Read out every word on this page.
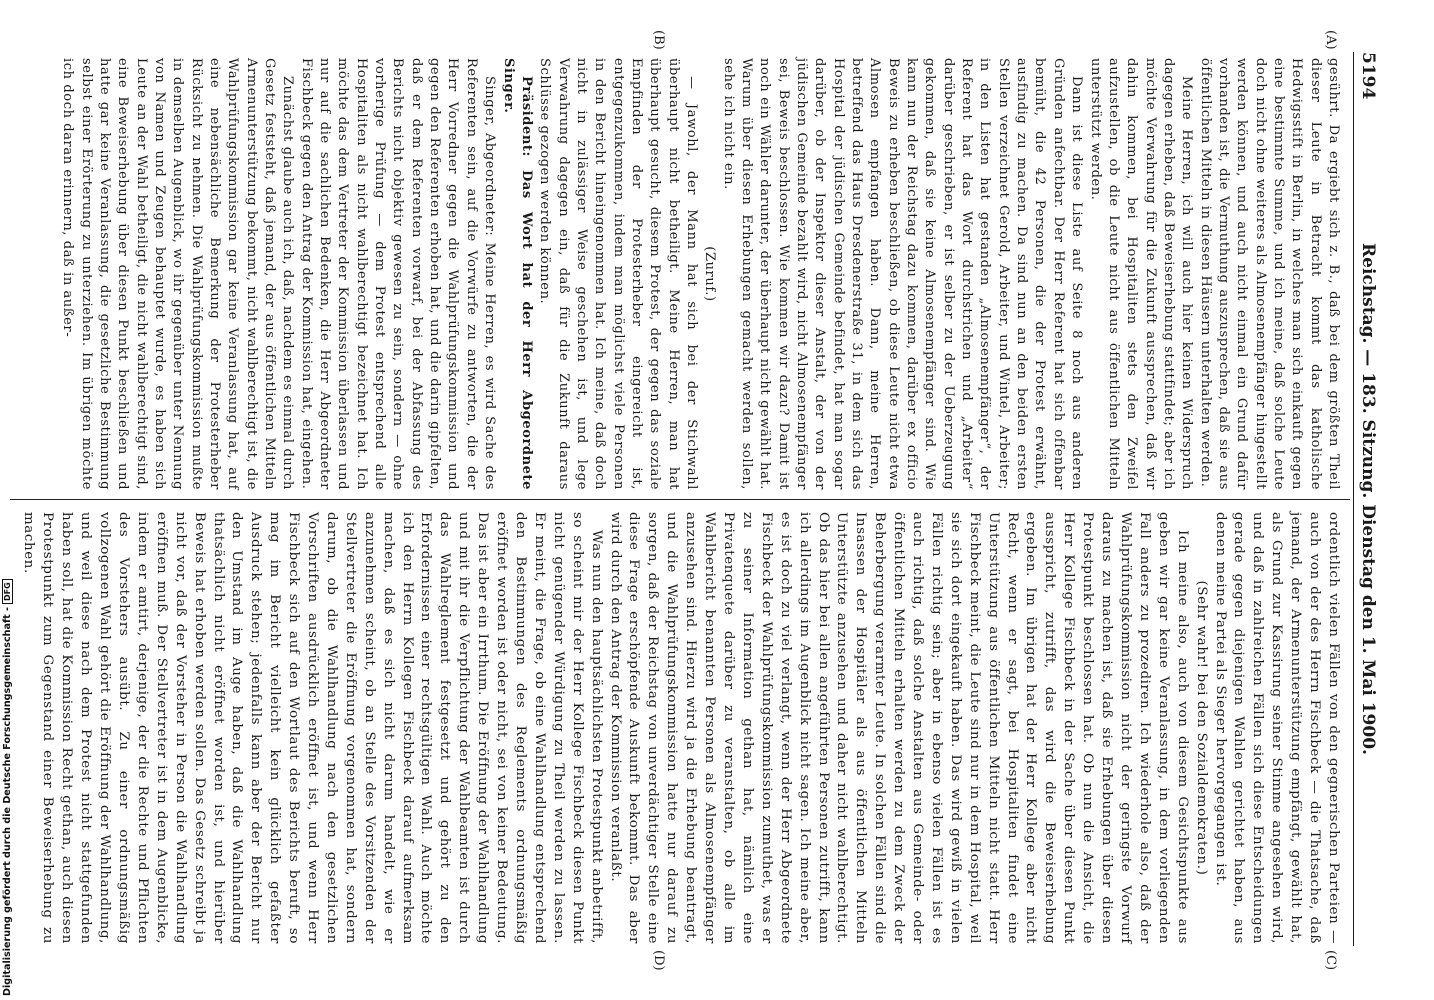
5194
Reichstag. — 183. Sitzung. Dienstag den 1. Mai 1900.
(A)
(B)
(C)
(D)

gesührt. Da ergiebt sich z. B., daß bei dem größten Theil dieser Leute in Betracht kommt das katholische Hedwigsstift in Berlin, in welches man sich einkauft gegen eine bestimmte Summe, und ich meine, daß solche Leute doch nicht ohne weiteres als Almosenempfänger hingestellt werden können, und auch nicht einmal ein Grund dafür vorhanden ist, die Vermuthung auszusprechen, daß sie aus öffentlichen Mitteln in diesen Häusern unterhalten werden.

Meine Herren, ich will auch hier keinen Widerspruch dagegen erheben, daß Beweiserhebung stattfindet; aber ich möchte Verwahrung für die Zukunft aussprechen, daß wir dahin kommen, bei Hospitaliten stets den Zweifel aufzustellen, ob die Leute nicht aus öffentlichen Mitteln unterstützt werden.

Dann ist diese Liste auf Seite 8 noch aus anderen Gründen anfechtbar. Der Herr Referent hat sich offenbar bemüht, die 42 Personen, die der Protest erwähnt, ausfindig zu machen. Da sind nun an den beiden ersten Stellen verzeichnet Gerold, Arbeiter, und Wintel, Arbeiter; in den Listen hat gestanden „Almosenempfänger“, der Referent hat das Wort durchstrichen und „Arbeiter“ darüber geschrieben, er ist selber zu der Ueberzeugung gekommen, daß sie keine Almosenempfänger sind. Wie kann nun der Reichstag dazu kommen, darüber ex officio Beweis zu erheben beschließen, ob diese Leute nicht etwa Almosen empfangen haben. Dann, meine Herren, betreffend das Haus Dresdenerstraße 31, in dem sich das Hospital der jüdischen Gemeinde befindet, hat man sogar darüber, ob der Inspektor dieser Anstalt, der von der jüdischen Gemeinde bezahlt wird, nicht Almosenempfänger sei, Beweis beschlossen. Wie kommen wir dazu? Damit ist noch ein Wähler darunter, der überhaupt nicht gewählt hat. Warum über diesen Erhebungen gemacht werden sollen, sehe ich nicht ein.

(Zuruf.)

— Jawohl, der Mann hat sich bei der Stichwahl überhaupt nicht betheiligt. Meine Herren, man hat überhaupt gesucht, diesem Protest, der gegen das soziale Empfinden der Protesterheber eingereicht ist, entgegenzukommen, indem man möglichst viele Personen in den Bericht hineingenommen hat. Ich meine, daß doch nicht in zulässiger Weise geschehen ist, und lege Verwahrung dagegen ein, daß für die Zukunft daraus Schlüsse gezogen werden können.

Präsident: Das Wort hat der Herr Abgeordnete Singer.

Singer, Abgeordneter: Meine Herren, es wird Sache des Referenten sein, auf die Vorwürfe zu antworten, die der Herr Vorredner gegen die Wahlprüfungskommission und gegen den Referenten erhoben hat, und die darin gipfelten, daß er dem Referenten vorwarf, bei der Abfassung des Berichts nicht objektiv gewesen zu sein, sondern — ohne vorherige Prüfung — dem Protest entsprechend alle Hospitaliten als nicht wahlberechtigt bezeichnet hat. Ich möchte das dem Vertreter der Kommission überlassen und nur auf die sachlichen Bedenken, die Herr Abgeordneter Fischbeck gegen den Antrag der Kommission hat, eingehen.

Zunächst glaube auch ich, daß, nachdem es einmal durch Gesetz feststeht, daß jemand, der aus öffentlichen Mitteln Armenunterstützung bekommt, nicht wahlberechtigt ist, die Wahlprüfungskommission gar keine Veranlassung hat, auf eine nebensächliche Bemerkung der Protesterheber Rücksicht zu nehmen. Die Wahlprüfungskommission mußte in demselben Augenblick, wo ihr gegenüber unter Nennung von Namen und Zeugen behauptet wurde, es haben sich Leute an der Wahl betheiligt, die nicht wahlberechtigt sind, eine Beweiserhebung über diesen Punkt beschließen und hatte gar keine Veranlassung, die gesetzliche Bestimmung selbst einer Erörterung zu unterziehen. Im übrigen möchte ich doch daran erinnern, daß in außer-

ordentlich vielen Fällen von den gegnerischen Parteien — auch von der des Herrn Fischbeck — die Thatsache, daß jemand, der Armenunterstützung empfängt, gewählt hat, als Grund zur Kassirung seiner Stimme angesehen wird, und daß in zahlreichen Fällen sich diese Entscheidungen gerade gegen diejenigen Wahlen gerichtet haben, aus denen meine Partei als Sieger hervorgegangen ist.

(Sehr wahr! bei den Sozialdemokraten.)

Ich meine also, auch von diesem Gesichtspunkte aus geben wir gar keine Veranlassung, in dem vorliegenden Fall anders zu prozediren. Ich wiederhole also, daß der Wahlprüfungskommission nicht der geringste Vorwurf daraus zu machen ist, daß sie Erhebungen über diesen Protestpunkt beschlossen hat. Ob nun die Ansicht, die Herr Kollege Fischbeck in der Sache über diesen Punkt ausspricht, zutrifft, das wird die Beweiserhebung ergeben. Im übrigen hat der Herr Kollege aber nicht Recht, wenn er sagt, bei Hospitaliten findet eine Unterstützung aus öffentlichen Mitteln nicht statt. Herr Fischbeck meint, die Leute sind nur in dem Hospital, weil sie sich dort eingekauft haben. Das wird gewiß in vielen Fällen richtig sein; aber in ebenso vielen Fällen ist es auch richtig, daß solche Anstalten aus Gemeinde- oder öffentlichen Mitteln erhalten werden zu dem Zweck der Beherbergung verarmter Leute. In solchen Fällen sind die Insassen der Hospitäler als aus öffentlichen Mitteln Unterstützte anzusehen und daher nicht wahlberechtigt. Ob das hier bei allen angeführten Personen zutrifft, kann ich allerdings im Augenblick nicht sagen. Ich meine aber, es ist doch zu viel verlangt, wenn der Herr Abgeordnete Fischbeck der Wahlprüfungskommission zumuthet, was er zu seiner Information gethan hat, nämlich eine Privatenquete darüber zu veranstalten, ob alle im Wahlbericht benannten Personen als Almosenempfänger anzusehen sind. Hierzu wird ja die Erhebung beantragt, und die Wahlprüfungskommission hatte nur darauf zu sorgen, daß der Reichstag von unverdächtiger Stelle eine diese Frage erschöpfende Auskunft bekommt. Das aber wird durch den Antrag der Kommission veranlaßt.

Was nun den hauptsächlichsten Protestpunkt anbetrifft, so scheint mir der Herr Kollege Fischbeck diesen Punkt nicht genügender Würdigung zu Theil werden zu lassen. Er meint, die Frage, ob eine Wahlhandlung entsprechend den Bestimmungen des Reglements ordnungsmäßig eröffnet worden ist oder nicht, sei von keiner Bedeutung. Das ist aber ein Irrthum. Die Eröffnung der Wahlhandlung und mit ihr die Verpflichtung der Wahlbeamten ist durch das Wahlreglement festgesetzt und gehört zu den Erfordernissen einer rechtsgültigen Wahl. Auch möchte ich den Herrn Kollegen Fischbeck darauf aufmerksam machen, daß es sich nicht darum handelt, wie er anzunehmen scheint, ob an Stelle des Vorsitzenden der Stellvertreter die Eröffnung vorgenommen hat, sondern darum, ob die Wahlhandlung nach den gesetzlichen Vorschriften ausdrücklich eröffnet ist, und wenn Herr Fischbeck sich auf den Wortlaut des Berichts beruft, so mag im Bericht vielleicht kein glücklich gefaßter Ausdruck stehen; jedenfalls kann aber der Bericht nur den Umstand im Auge haben, daß die Wahlhandlung thatsächlich nicht eröffnet worden ist, und hierüber Beweis hat erhoben werden sollen. Das Gesetz schreibt ja nicht vor, daß der Vorsteher in Person die Wahlhandlung eröffnen muß. Der Stellvertreter ist in dem Augenblicke, indem er amtirt, derjenige, der die Rechte und Pflichten des Vorstehers ausübt. Zu einer ordnungsmäßig vollzogenen Wahl gehört die Eröffnung der Wahlhandlung, und weil diese nach dem Protest nicht stattgefunden haben soll, hat die Kommission Recht gethan, auch diesen Protestpunkt zum Gegenstand einer Beweiserhebung zu machen.

Digitalisierung gefördert durch die Deutsche Forschungsgemeinschaft -DFG
